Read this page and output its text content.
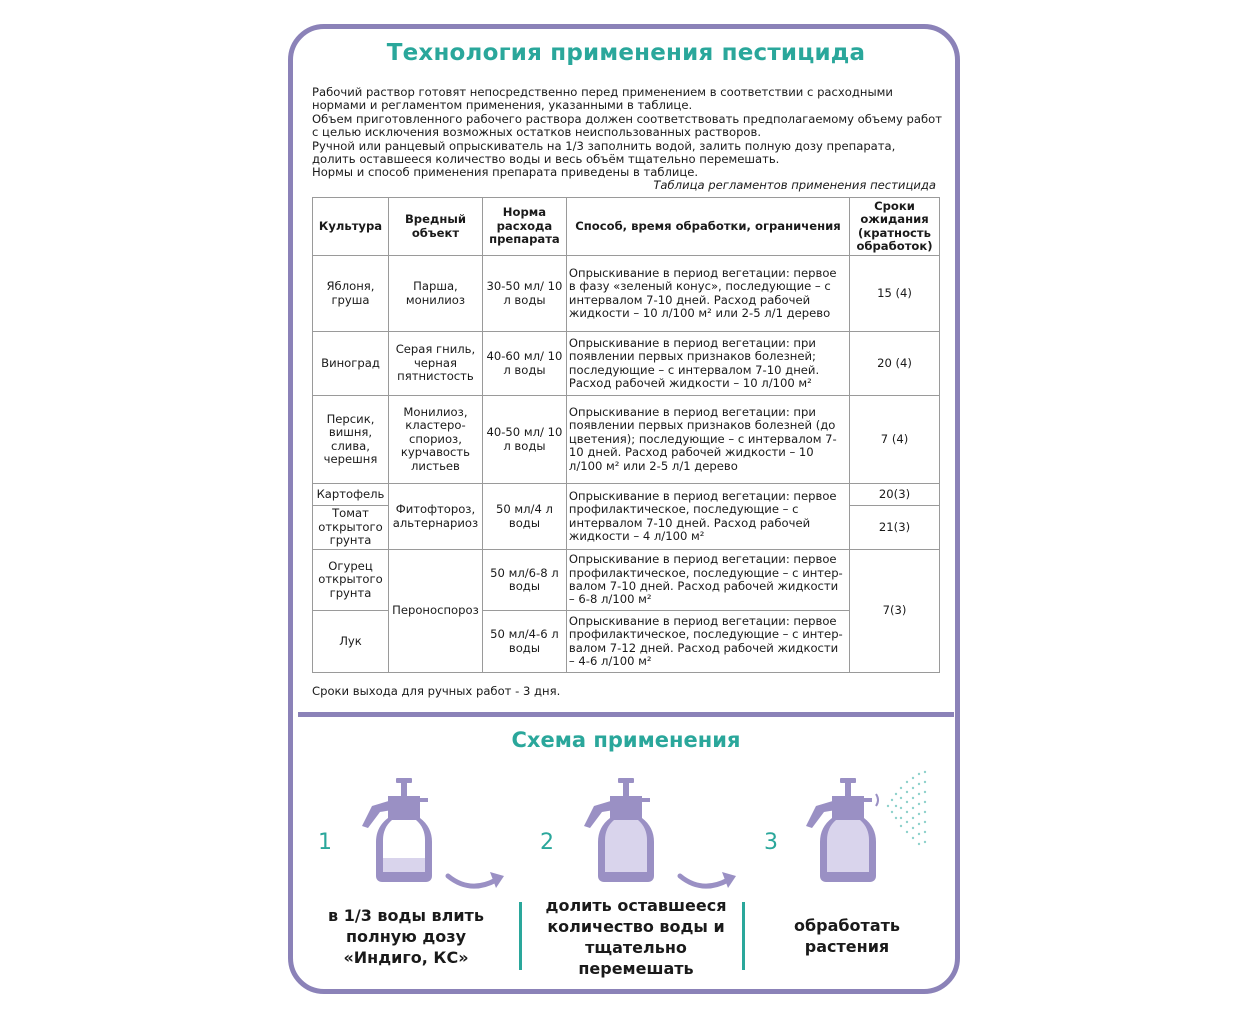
Технология применения пестицида

Рабочий раствор готовят непосредственно перед применением в соответствии с расходными нормами и регламентом применения, указанными в таблице.

Объем приготовленного рабочего раствора должен соответствовать предполагаемому объему работ с целью исключения возможных остатков неиспользованных растворов.

Ручной или ранцевый опрыскиватель на 1/3 заполнить водой, залить полную дозу препарата, долить оставшееся количество воды и весь объём тщательно перемешать.

Нормы и способ применения препарата приведены в таблице.

Таблица регламентов применения пестицида
Культура	Вредный объект	Норма расхода препарата	Способ, время обработки, ограничения	Сроки ожидания (кратность обработок)
Яблоня, груша	Парша, монилиоз	30-50 мл/ 10 л воды	Опрыскивание в период вегетации: первое в фазу «зеленый конус», последующие – с интервалом 7-10 дней. Расход рабочей жидкости – 10 л/100 м² или 2-5 л/1 дерево	15 (4)
Виноград	Серая гниль, черная пятнистость	40-60 мл/ 10 л воды	Опрыскивание в период вегетации: при появлении первых признаков болезней; последующие – с интервалом 7-10 дней. Расход рабочей жидкости – 10 л/100 м²	20 (4)
Персик, вишня, слива, черешня	Монилиоз, кластеро- спориоз, курчавость листьев	40-50 мл/ 10 л воды	Опрыскивание в период вегетации: при появлении первых признаков болезней (до цветения); последующие – с интервалом 7-10 дней. Расход рабочей жидкости – 10 л/100 м² или 2-5 л/1 дерево	7 (4)
Картофель	Фитофтороз, альтернариоз	50 мл/4 л воды	Опрыскивание в период вегетации: первое профилактическое, последующие – с интервалом 7-10 дней. Расход рабочей жидкости – 4 л/100 м²	20(3)
Томат открытого грунта				21(3)
Огурец открытого грунта	Пероноспороз	50 мл/6-8 л воды	Опрыскивание в период вегетации: первое профилактическое, последующие – с интер- валом 7-10 дней. Расход рабочей жидкости – 6-8 л/100 м²	7(3)
Лук		50 мл/4-6 л воды	Опрыскивание в период вегетации: первое профилактическое, последующие – с интер- валом 7-12 дней. Расход рабочей жидкости – 4-6 л/100 м²	
Сроки выхода для ручных работ - 3 дня.
Схема применения
1	2	3
в 1/3 воды влить полную дозу «Индиго, КС»
долить оставшееся количество воды и тщательно перемешать
обработать растения
